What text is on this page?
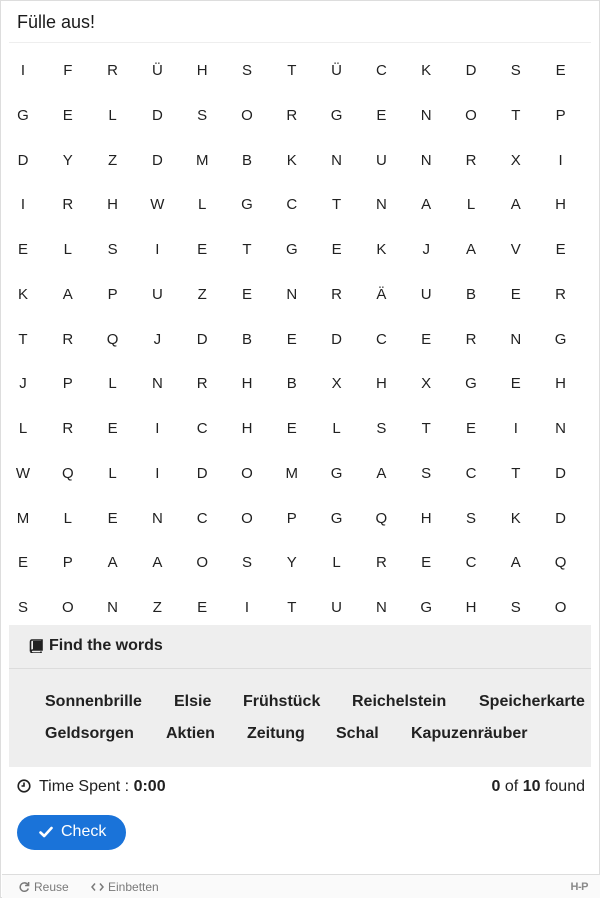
Fülle aus!
I	F	R	Ü	H	S	T	Ü	C	K	D	S	E
G	E	L	D	S	O	R	G	E	N	O	T	P
D	Y	Z	D	M	B	K	N	U	N	R	X	I
I	R	H	W	L	G	C	T	N	A	L	A	H
E	L	S	I	E	T	G	E	K	J	A	V	E
K	A	P	U	Z	E	N	R	Ä	U	B	E	R
T	R	Q	J	D	B	E	D	C	E	R	N	G
J	P	L	N	R	H	B	X	H	X	G	E	H
L	R	E	I	C	H	E	L	S	T	E	I	N
W	Q	L	I	D	O	M	G	A	S	C	T	D
M	L	E	N	C	O	P	G	Q	H	S	K	D
E	P	A	A	O	S	Y	L	R	E	C	A	Q
S	O	N	Z	E	I	T	U	N	G	H	S	O
Find the words
Sonnenbrille Elsie Frühstück Reichelstein Speicherkarte
Geldsorgen Aktien Zeitung Schal Kapuzenräuber
Time Spent : 0:00	0 of 10 found
Check
Reuse	Einbetten	H-P
